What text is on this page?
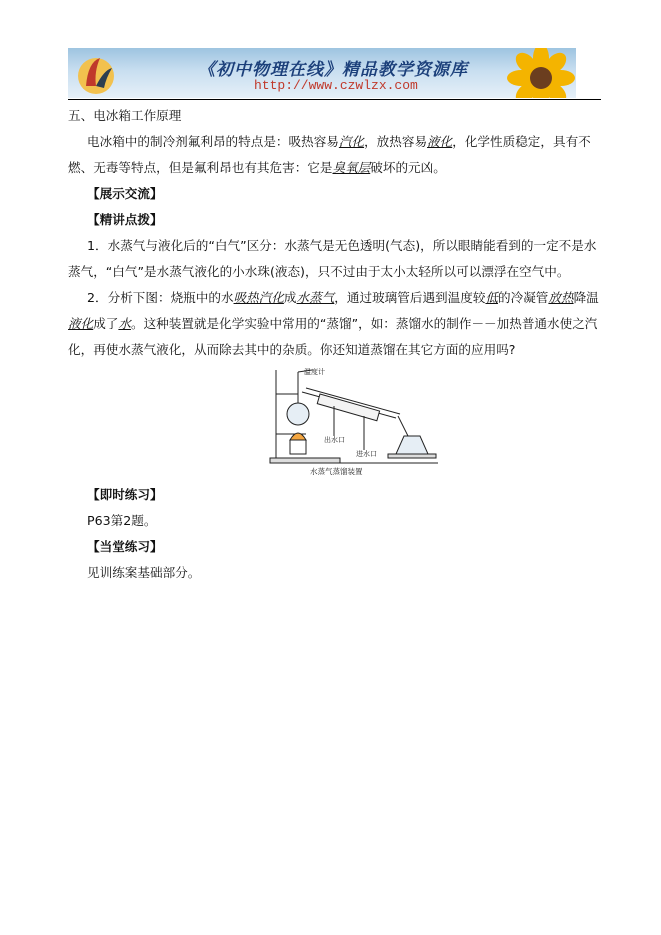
《初中物理在线》精品教学资源库
http://www.czwlzx.com

五、电冰箱工作原理

电冰箱中的制冷剂氟利昂的特点是：吸热容易汽化，放热容易液化，化学性质稳定，具有不燃、无毒等特点，但是氟利昂也有其危害：它是臭氧层破坏的元凶。

【展示交流】

【精讲点拨】

1．水蒸气与液化后的“白气”区分：水蒸气是无色透明(气态)，所以眼睛能看到的一定不是水蒸气，“白气”是水蒸气液化的小水珠(液态)，只不过由于太小太轻所以可以漂浮在空气中。

2．分析下图：烧瓶中的水吸热汽化成水蒸气，通过玻璃管后遇到温度较低的冷凝管放热降温液化成了水。这种装置就是化学实验中常用的“蒸馏”，如：蒸馏水的制作－－加热普通水使之汽化，再使水蒸气液化，从而除去其中的杂质。你还知道蒸馏在其它方面的应用吗?

温度计
出水口
进水口
水蒸气蒸馏装置

【即时练习】

P63第2题。

【当堂练习】

见训练案基础部分。
